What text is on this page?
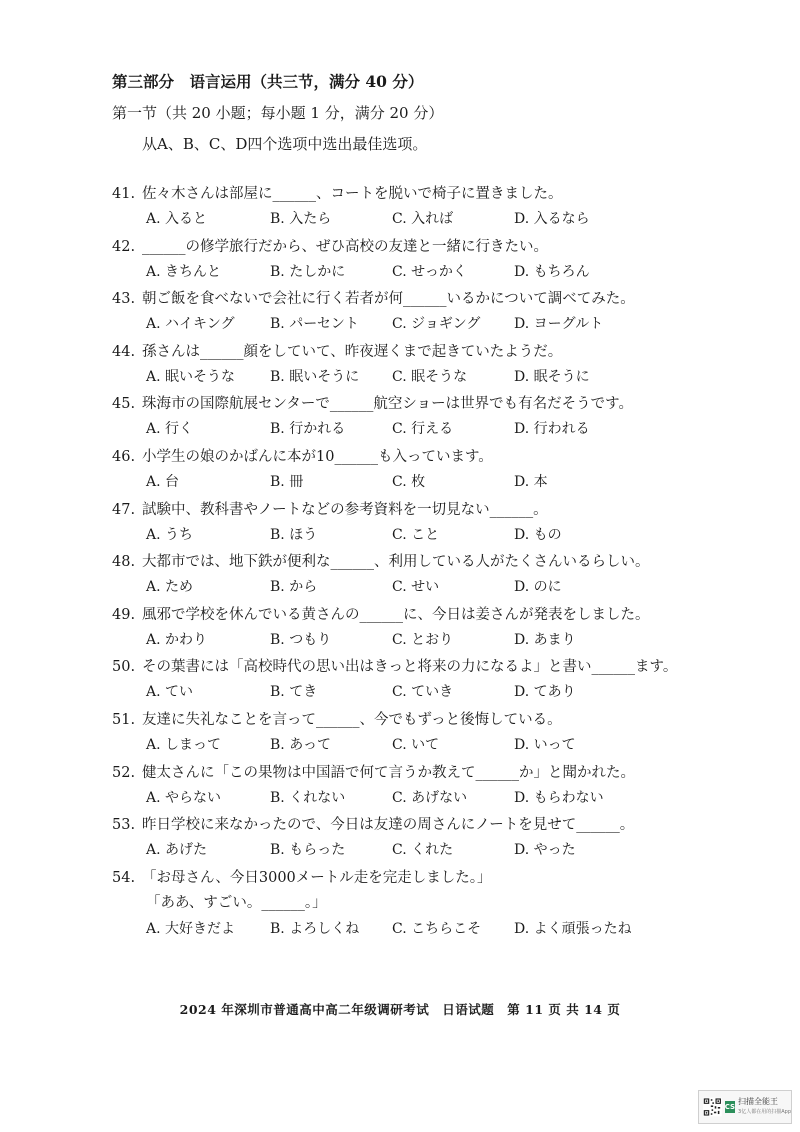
第三部分　语言运用（共三节，满分 40 分）
第一节（共 20 小题；每小题 1 分，满分 20 分）
从A、B、C、D四个选项中选出最佳选项。
41. 佐々木さんは部屋に______、コートを脱いで椅子に置きました。
A. 入ると	B. 入たら	C. 入れば	D. 入るなら
42. ______の修学旅行だから、ぜひ高校の友達と一緒に行きたい。
A. きちんと	B. たしかに	C. せっかく	D. もちろん
43. 朝ご飯を食べないで会社に行く若者が何______いるかについて調べてみた。
A. ハイキング	B. パーセント C. ジョギング D. ヨーグルト
44. 孫さんは______顔をしていて、昨夜遅くまで起きていたようだ。
A. 眠いそうな B. 眠いそうに C. 眠そうな	D. 眠そうに
45. 珠海市の国際航展センターで______航空ショーは世界でも有名だそうです。
A. 行く	B. 行かれる	C. 行える	D. 行われる
46. 小学生の娘のかばんに本が10______も入っています。
A. 台	B. 冊	C. 枚	D. 本
47. 試験中、教科書やノートなどの参考資料を一切見ない______。
A. うち	B. ほう	C. こと	D. もの
48. 大都市では、地下鉄が便利な______、利用している人がたくさんいるらしい。
A. ため	B. から	C. せい	D. のに
49. 風邪で学校を休んでいる黄さんの______に、今日は姜さんが発表をしました。
A. かわり	B. つもり	C. とおり	D. あまり
50. その葉書には「高校時代の思い出はきっと将来の力になるよ」と書い______ます。
A. てい	B. てき	C. ていき	D. てあり
51. 友達に失礼なことを言って______、今でもずっと後悔している。
A. しまって	B. あって	C. いて	D. いって
52. 健太さんに「この果物は中国語で何て言うか教えて______か」と聞かれた。
A. やらない	B. くれない	C. あげない	D. もらわない
53. 昨日学校に来なかったので、今日は友達の周さんにノートを見せて______。
A. あげた	B. もらった	C. くれた	D. やった
54. 「お母さん、今日3000メートル走を完走しました。」
「ああ、すごい。______。」
A. 大好きだよ B. よろしくね C. こちらこそ D. よく頑張ったね
2024 年深圳市普通高中高二年级调研考试　日语试题　第 11 页 共 14 页
CS
扫描全能王
3亿人都在用的扫描App
